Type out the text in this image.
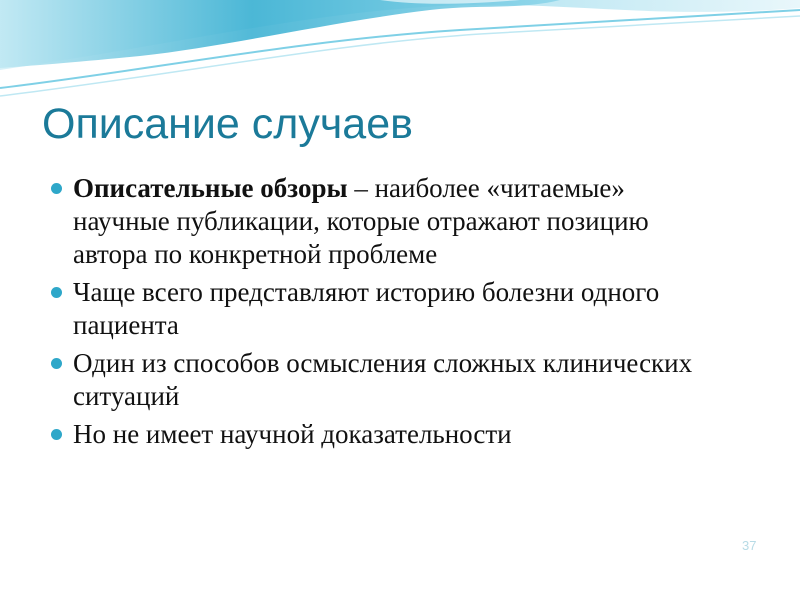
Описание случаев
Описательные обзоры – наиболее «читаемые» научные публикации, которые отражают позицию автора по конкретной проблеме
Чаще всего представляют историю болезни одного пациента
Один из способов осмысления сложных клинических ситуаций
Но не имеет научной доказательности
37
